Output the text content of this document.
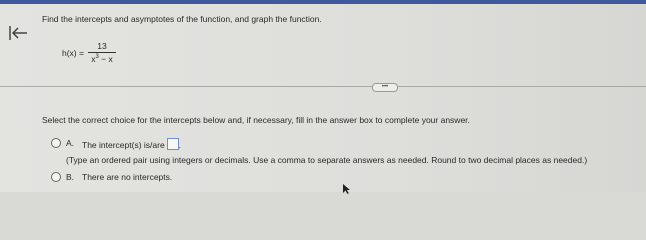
Find the intercepts and asymptotes of the function, and graph the function.
$h(x) = \frac{13}{x^3 - x}$
•••
Select the correct choice for the intercepts below and, if necessary, fill in the answer box to complete your answer.
A. The intercept(s) is/are .
(Type an ordered pair using integers or decimals. Use a comma to separate answers as needed. Round to two decimal places as needed.)
B. There are no intercepts.
